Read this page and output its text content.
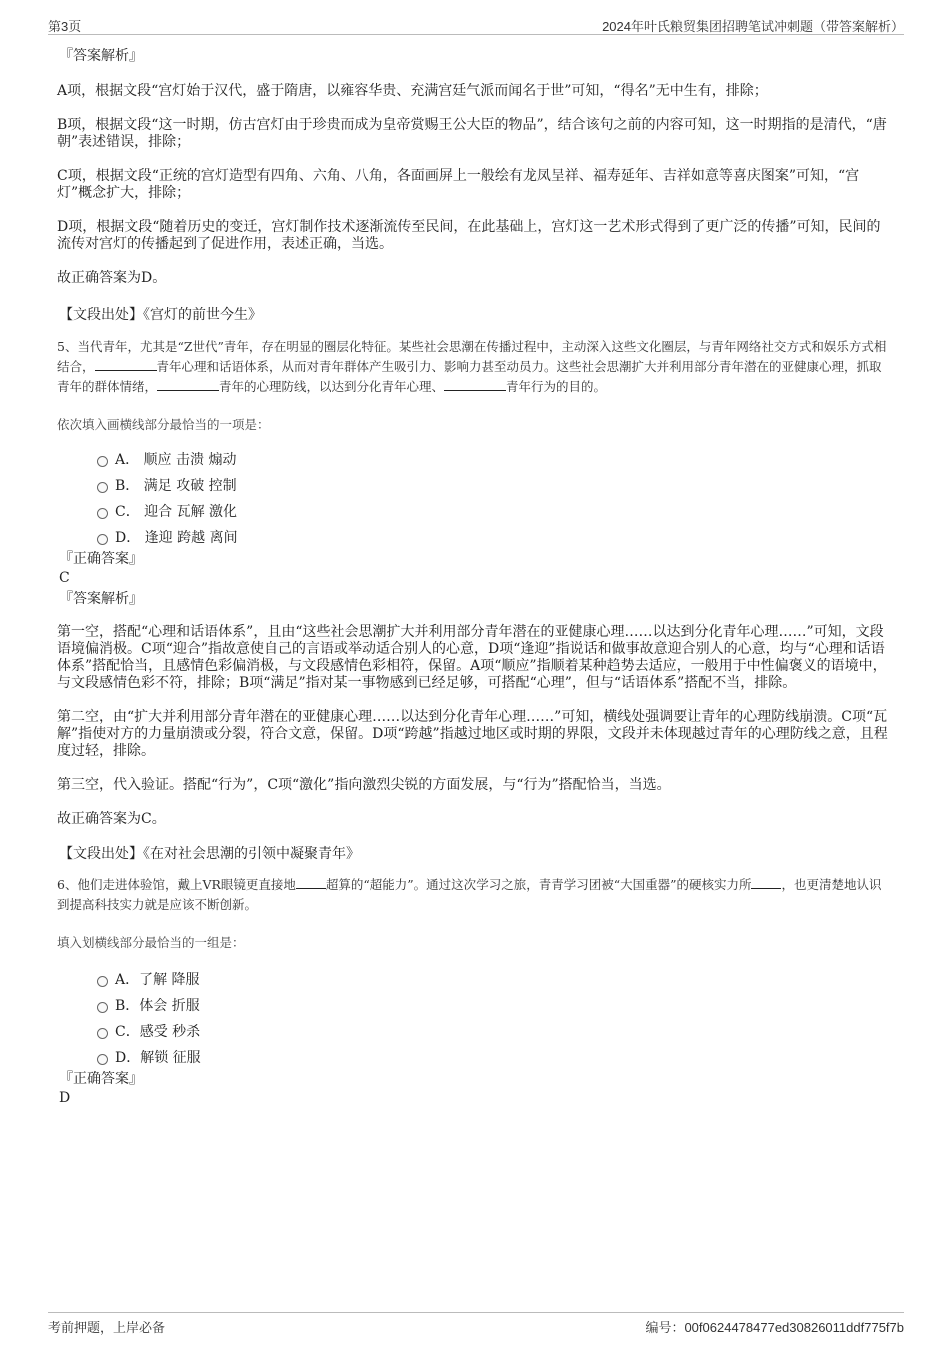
第3页	2024年叶氏粮贸集团招聘笔试冲刺题（带答案解析）

『答案解析』

A项，根据文段“宫灯始于汉代，盛于隋唐，以雍容华贵、充满宫廷气派而闻名于世”可知，“得名”无中生有，排除；

B项，根据文段“这一时期，仿古宫灯由于珍贵而成为皇帝赏赐王公大臣的物品”，结合该句之前的内容可知，这一时期指的是清代，“唐朝”表述错误，排除；

C项，根据文段“正统的宫灯造型有四角、六角、八角，各面画屏上一般绘有龙凤呈祥、福寿延年、吉祥如意等喜庆图案”可知，“宫灯”概念扩大，排除；

D项，根据文段“随着历史的变迁，宫灯制作技术逐渐流传至民间，在此基础上，宫灯这一艺术形式得到了更广泛的传播”可知，民间的流传对宫灯的传播起到了促进作用，表述正确，当选。

故正确答案为D。

【文段出处】《宫灯的前世今生》

5、当代青年，尤其是“Z世代”青年，存在明显的圈层化特征。某些社会思潮在传播过程中，主动深入这些文化圈层，与青年网络社交方式和娱乐方式相结合，	青年心理和话语体系，从而对青年群体产生吸引力、影响力甚至动员力。这些社会思潮扩大并利用部分青年潜在的亚健康心理，抓取青年的群体情绪，	青年的心理防线，以达到分化青年心理、	青年行为的目的。

依次填入画横线部分最恰当的一项是：

A． 顺应 击溃 煽动
B． 满足 攻破 控制
C． 迎合 瓦解 激化
D． 逢迎 跨越 离间

『正确答案』

C

『答案解析』

第一空，搭配“心理和话语体系”，且由“这些社会思潮扩大并利用部分青年潜在的亚健康心理……以达到分化青年心理……”可知，文段语境偏消极。C项“迎合”指故意使自己的言语或举动适合别人的心意，D项“逢迎”指说话和做事故意迎合别人的心意，均与“心理和话语体系”搭配恰当，且感情色彩偏消极，与文段感情色彩相符，保留。A项“顺应”指顺着某种趋势去适应，一般用于中性偏褒义的语境中，与文段感情色彩不符，排除；B项“满足”指对某一事物感到已经足够，可搭配“心理”，但与“话语体系”搭配不当，排除。

第二空，由“扩大并利用部分青年潜在的亚健康心理……以达到分化青年心理……”可知，横线处强调要让青年的心理防线崩溃。C项“瓦解”指使对方的力量崩溃或分裂，符合文意，保留。D项“跨越”指越过地区或时期的界限，文段并未体现越过青年的心理防线之意，且程度过轻，排除。

第三空，代入验证。搭配“行为”，C项“激化”指向激烈尖锐的方面发展，与“行为”搭配恰当，当选。

故正确答案为C。

【文段出处】《在对社会思潮的引领中凝聚青年》

6、他们走进体验馆，戴上VR眼镜更直接地 超算的“超能力”。通过这次学习之旅，青青学习团被“大国重器”的硬核实力所 ，也更清楚地认识到提高科技实力就是应该不断创新。

填入划横线部分最恰当的一组是：

A．了解 降服
B．体会 折服
C．感受 秒杀
D．解锁 征服

『正确答案』

D

考前押题，上岸必备	编号：00f0624478477ed30826011ddf775f7b
